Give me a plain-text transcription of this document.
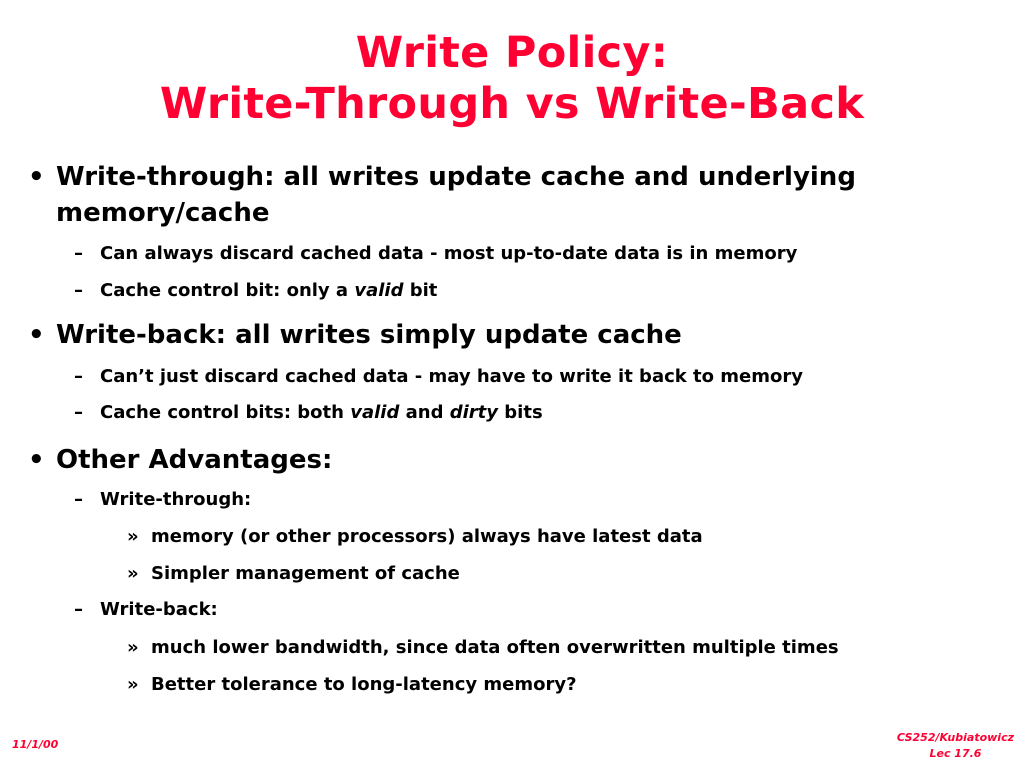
Write Policy:
Write-Through vs Write-Back
• Write-through: all writes update cache and underlying
memory/cache
– Can always discard cached data - most up-to-date data is in memory
– Cache control bit: only a valid bit
• Write-back: all writes simply update cache
– Can’t just discard cached data - may have to write it back to memory
– Cache control bits: both valid and dirty bits
• Other Advantages:
– Write-through:
» memory (or other processors) always have latest data
» Simpler management of cache
– Write-back:
» much lower bandwidth, since data often overwritten multiple times
» Better tolerance to long-latency memory?
11/1/00
CS252/Kubiatowicz
Lec 17.6
